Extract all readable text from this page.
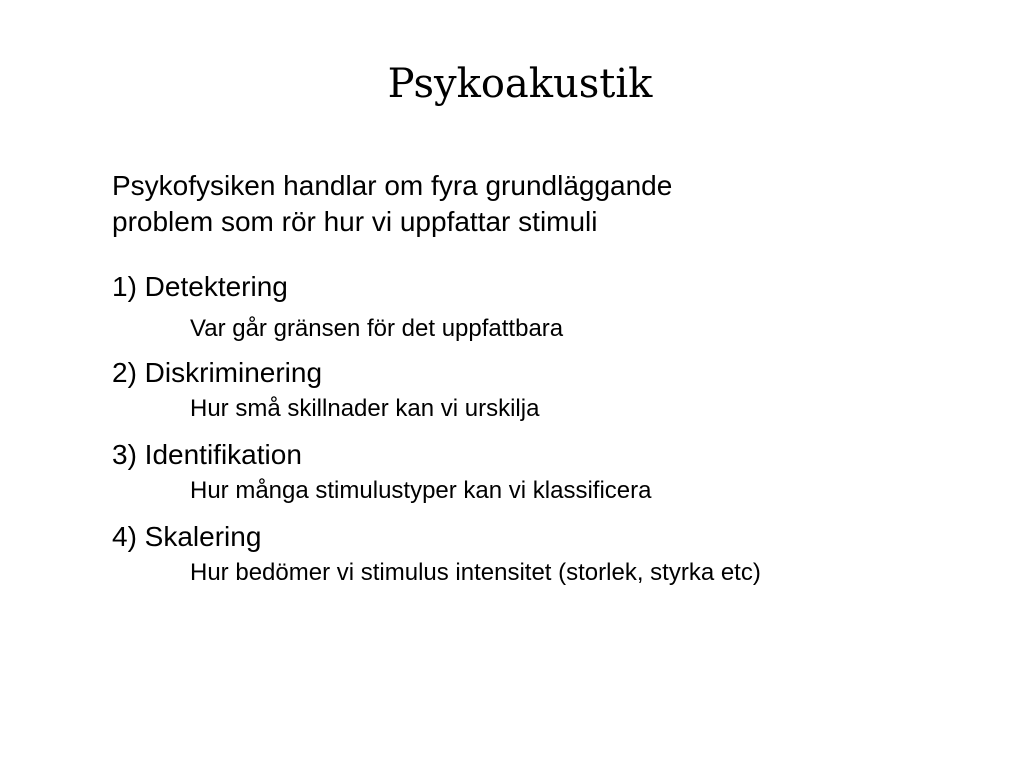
Psykoakustik

Psykofysiken handlar om fyra grundläggande
problem som rör hur vi uppfattar stimuli

1) Detektering
Var går gränsen för det uppfattbara
2) Diskriminering
Hur små skillnader kan vi urskilja
3) Identifikation
Hur många stimulustyper kan vi klassificera
4) Skalering
Hur bedömer vi stimulus intensitet (storlek, styrka etc)
